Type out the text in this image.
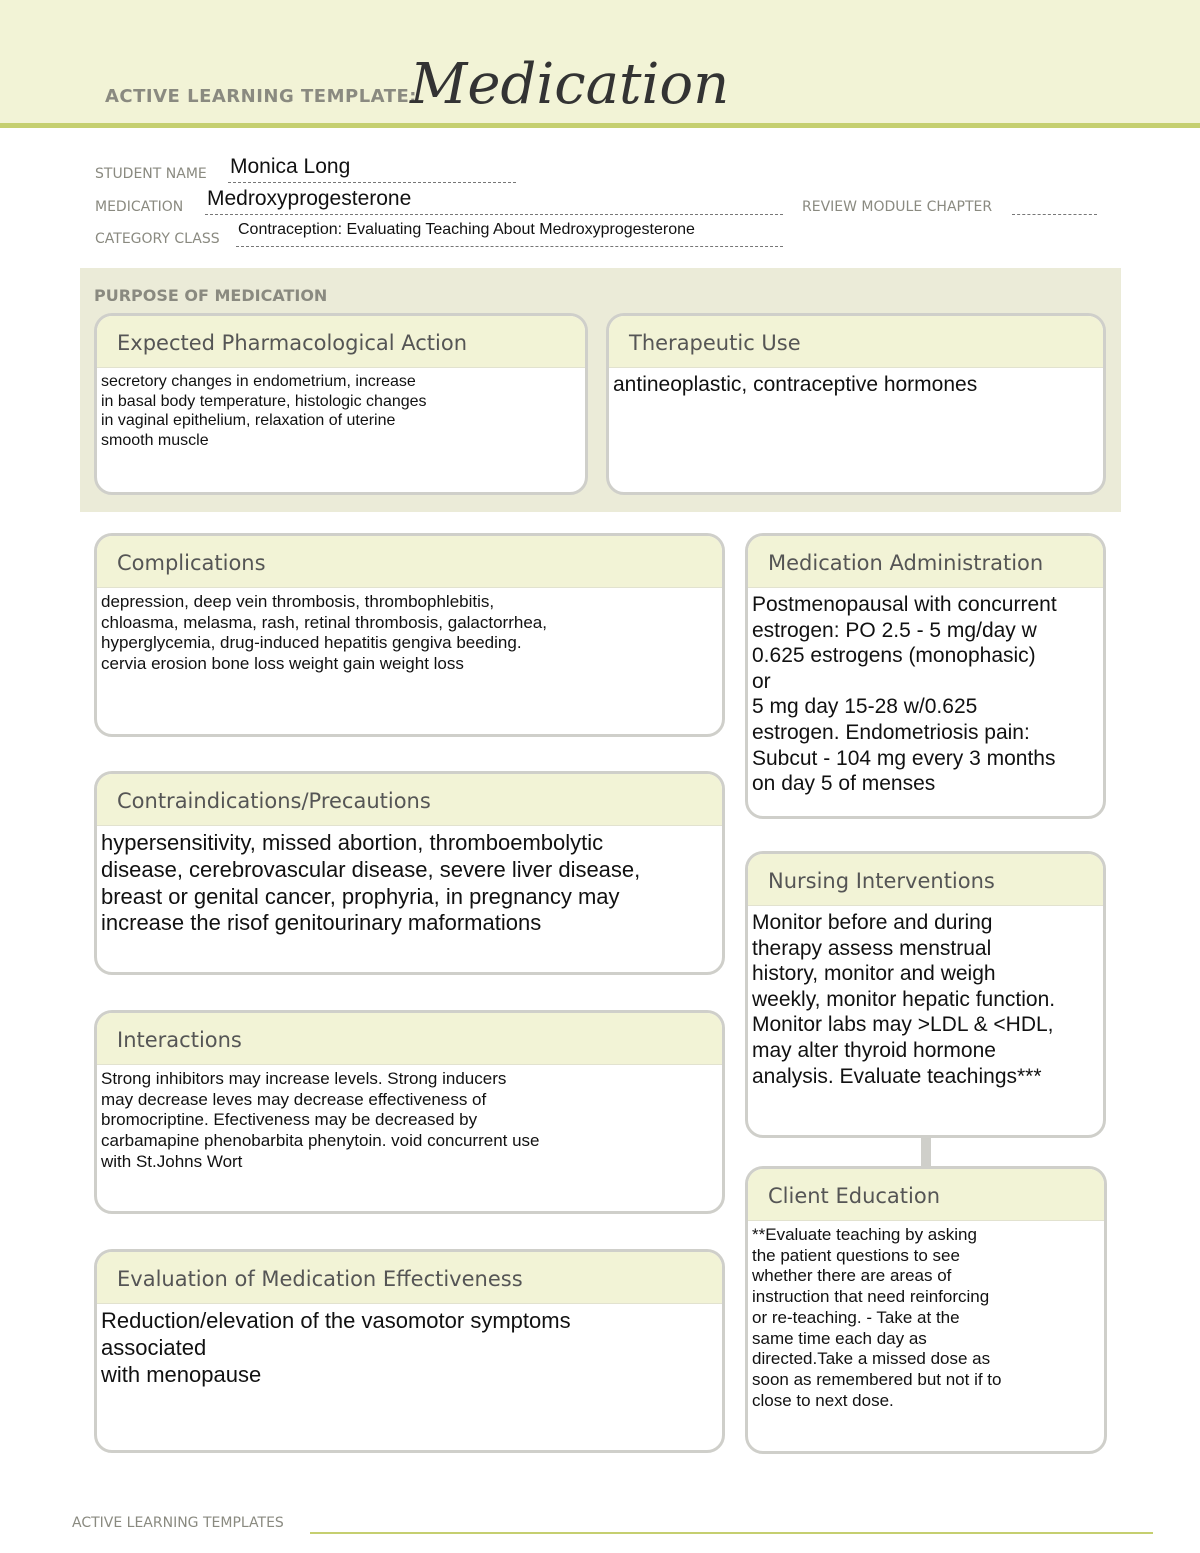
ACTIVE LEARNING TEMPLATE:
Medication
STUDENT NAME Monica Long
MEDICATION Medroxyprogesterone	REVIEW MODULE CHAPTER
CATEGORY CLASS
Contraception: Evaluating Teaching About Medroxyprogesterone
PURPOSE OF MEDICATION
Expected Pharmacological Action
secretory changes in endometrium, increase
in basal body temperature, histologic changes
in vaginal epithelium, relaxation of uterine
smooth muscle
Therapeutic Use
antineoplastic, contraceptive hormones
Complications
depression, deep vein thrombosis, thrombophlebitis,
chloasma, melasma, rash, retinal thrombosis, galactorrhea,
hyperglycemia, drug-induced hepatitis gengiva beeding.
cervia erosion bone loss weight gain weight loss
Contraindications/Precautions
hypersensitivity, missed abortion, thromboembolytic
disease, cerebrovascular disease, severe liver disease,
breast or genital cancer, prophyria, in pregnancy may
increase the risof genitourinary maformations
Interactions
Strong inhibitors may increase levels. Strong inducers
may decrease leves may decrease effectiveness of
bromocriptine. Efectiveness may be decreased by
carbamapine phenobarbita phenytoin. void concurrent use
with St.Johns Wort
Evaluation of Medication Effectiveness
Reduction/elevation of the vasomotor symptoms
associated
with menopause
Medication Administration
Postmenopausal with concurrent
estrogen: PO 2.5 - 5 mg/day w
0.625 estrogens (monophasic)
or
5 mg day 15-28 w/0.625
estrogen. Endometriosis pain:
Subcut - 104 mg every 3 months
on day 5 of menses
Nursing Interventions
Monitor before and during
therapy assess menstrual
history, monitor and weigh
weekly, monitor hepatic function.
Monitor labs may >LDL & <HDL,
may alter thyroid hormone
analysis. Evaluate teachings***
Client Education
**Evaluate teaching by asking
the patient questions to see
whether there are areas of
instruction that need reinforcing
or re-teaching. - Take at the
same time each day as
directed.Take a missed dose as
soon as remembered but not if to
close to next dose.
ACTIVE LEARNING TEMPLATES
